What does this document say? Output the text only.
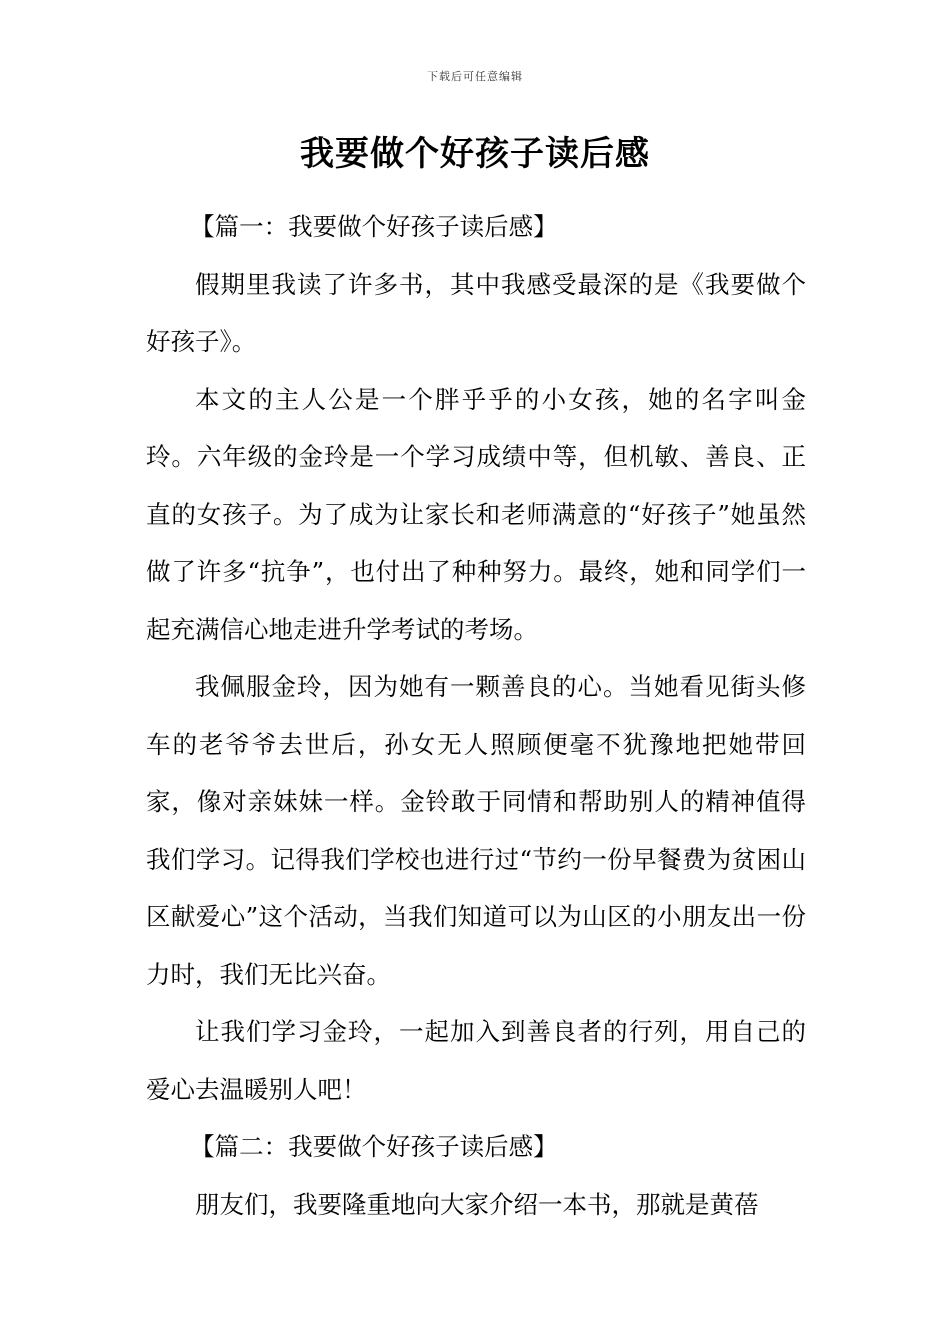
下载后可任意编辑
我要做个好孩子读后感

【篇一：我要做个好孩子读后感】

假期里我读了许多书，其中我感受最深的是《我要做个好孩子》。

本文的主人公是一个胖乎乎的小女孩，她的名字叫金玲。六年级的金玲是一个学习成绩中等，但机敏、善良、正直的女孩子。为了成为让家长和老师满意的“好孩子”她虽然做了许多“抗争”，也付出了种种努力。最终，她和同学们一起充满信心地走进升学考试的考场。

我佩服金玲，因为她有一颗善良的心。当她看见街头修车的老爷爷去世后，孙女无人照顾便毫不犹豫地把她带回家，像对亲妹妹一样。金铃敢于同情和帮助别人的精神值得我们学习。记得我们学校也进行过“节约一份早餐费为贫困山区献爱心”这个活动，当我们知道可以为山区的小朋友出一份力时，我们无比兴奋。

让我们学习金玲，一起加入到善良者的行列，用自己的爱心去温暖别人吧！

【篇二：我要做个好孩子读后感】

朋友们，我要隆重地向大家介绍一本书，那就是黄蓓
